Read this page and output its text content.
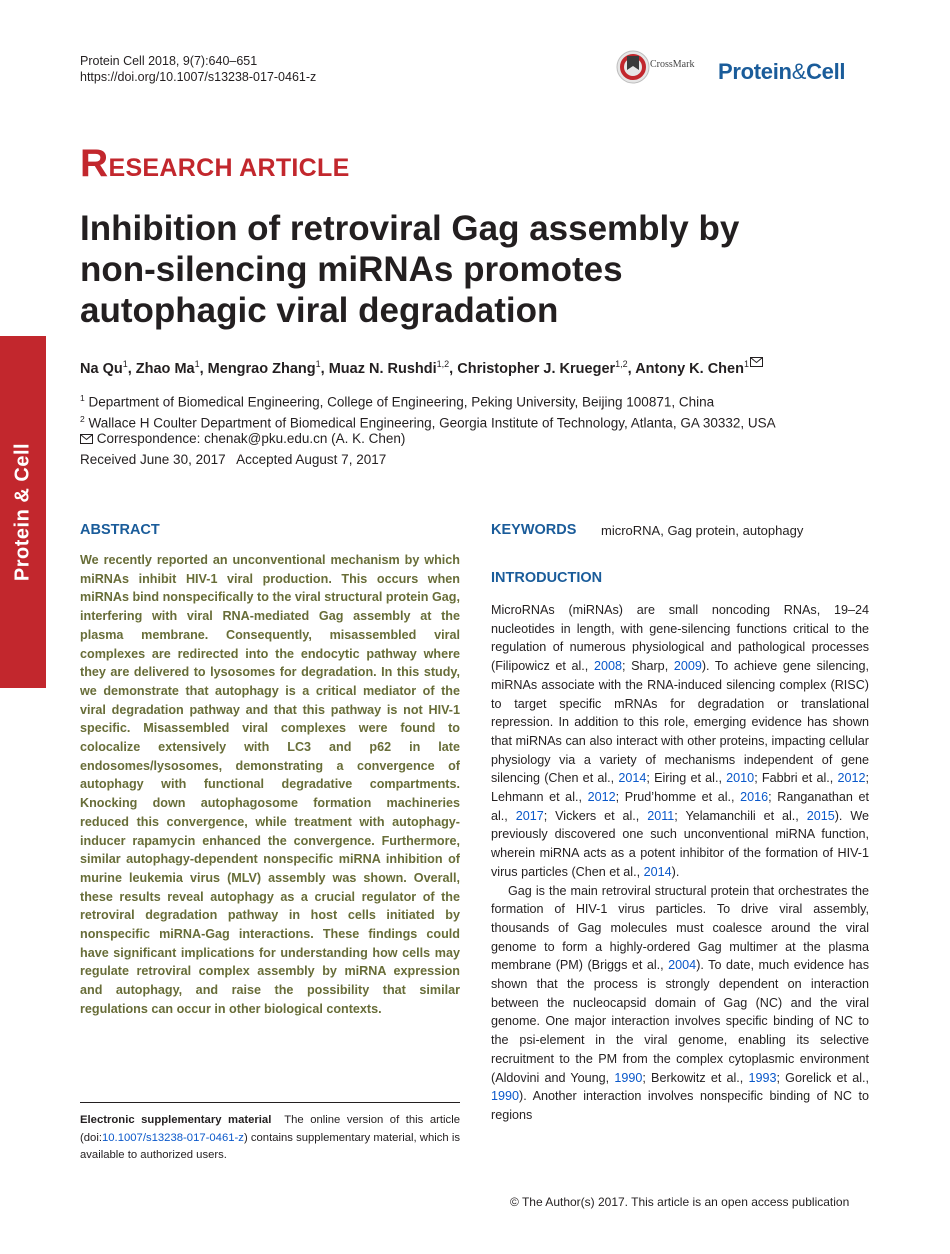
Protein Cell 2018, 9(7):640–651
https://doi.org/10.1007/s13238-017-0461-z
CrossMark Protein&Cell
Protein & Cell
RESEARCH ARTICLE
Inhibition of retroviral Gag assembly by non-silencing miRNAs promotes autophagic viral degradation
Na Qu$^1$, Zhao Ma$^1$, Mengrao Zhang$^1$, Muaz N. Rushdi$^{1,2}$, Christopher J. Krueger$^{1,2}$, Antony K. Chen$^1$
$^1$ Department of Biomedical Engineering, College of Engineering, Peking University, Beijing 100871, China
$^2$ Wallace H Coulter Department of Biomedical Engineering, Georgia Institute of Technology, Atlanta, GA 30332, USA
Correspondence: chenak@pku.edu.cn (A. K. Chen)
Received June 30, 2017   Accepted August 7, 2017
ABSTRACT
We recently reported an unconventional mechanism by which miRNAs inhibit HIV-1 viral production. This occurs when miRNAs bind nonspecifically to the viral structural protein Gag, interfering with viral RNA-mediated Gag assembly at the plasma membrane. Consequently, misassembled viral complexes are redirected into the endocytic pathway where they are delivered to lysosomes for degradation. In this study, we demonstrate that autophagy is a critical mediator of the viral degradation pathway and that this pathway is not HIV-1 specific. Misassembled viral complexes were found to colocalize extensively with LC3 and p62 in late endosomes/lysosomes, demonstrating a convergence of autophagy with functional degradative compartments. Knocking down autophagosome formation machineries reduced this convergence, while treatment with autophagy-inducer rapamycin enhanced the convergence. Furthermore, similar autophagy-dependent nonspecific miRNA inhibition of murine leukemia virus (MLV) assembly was shown. Overall, these results reveal autophagy as a crucial regulator of the retroviral degradation pathway in host cells initiated by nonspecific miRNA-Gag interactions. These findings could have significant implications for understanding how cells may regulate retroviral complex assembly by miRNA expression and autophagy, and raise the possibility that similar regulations can occur in other biological contexts.
KEYWORDS microRNA, Gag protein, autophagy
INTRODUCTION

MicroRNAs (miRNAs) are small noncoding RNAs, 19–24 nucleotides in length, with gene-silencing functions critical to the regulation of numerous physiological and pathological processes (Filipowicz et al., 2008; Sharp, 2009). To achieve gene silencing, miRNAs associate with the RNA-induced silencing complex (RISC) to target specific mRNAs for degradation or translational repression. In addition to this role, emerging evidence has shown that miRNAs can also interact with other proteins, impacting cellular physiology via a variety of mechanisms independent of gene silencing (Chen et al., 2014; Eiring et al., 2010; Fabbri et al., 2012; Lehmann et al., 2012; Prud’homme et al., 2016; Ranganathan et al., 2017; Vickers et al., 2011; Yelamanchili et al., 2015). We previously discovered one such unconventional miRNA function, wherein miRNA acts as a potent inhibitor of the formation of HIV-1 virus particles (Chen et al., 2014).

Gag is the main retroviral structural protein that orchestrates the formation of HIV-1 virus particles. To drive viral assembly, thousands of Gag molecules must coalesce around the viral genome to form a highly-ordered Gag multimer at the plasma membrane (PM) (Briggs et al., 2004). To date, much evidence has shown that the process is strongly dependent on interaction between the nucleocapsid domain of Gag (NC) and the viral genome. One major interaction involves specific binding of NC to the psi-element in the viral genome, enabling its selective recruitment to the PM from the complex cytoplasmic environment (Aldovini and Young, 1990; Berkowitz et al., 1993; Gorelick et al., 1990). Another interaction involves nonspecific binding of NC to regions

Electronic supplementary material  The online version of this article (doi:10.1007/s13238-017-0461-z) contains supplementary material, which is available to authorized users.
© The Author(s) 2017. This article is an open access publication
